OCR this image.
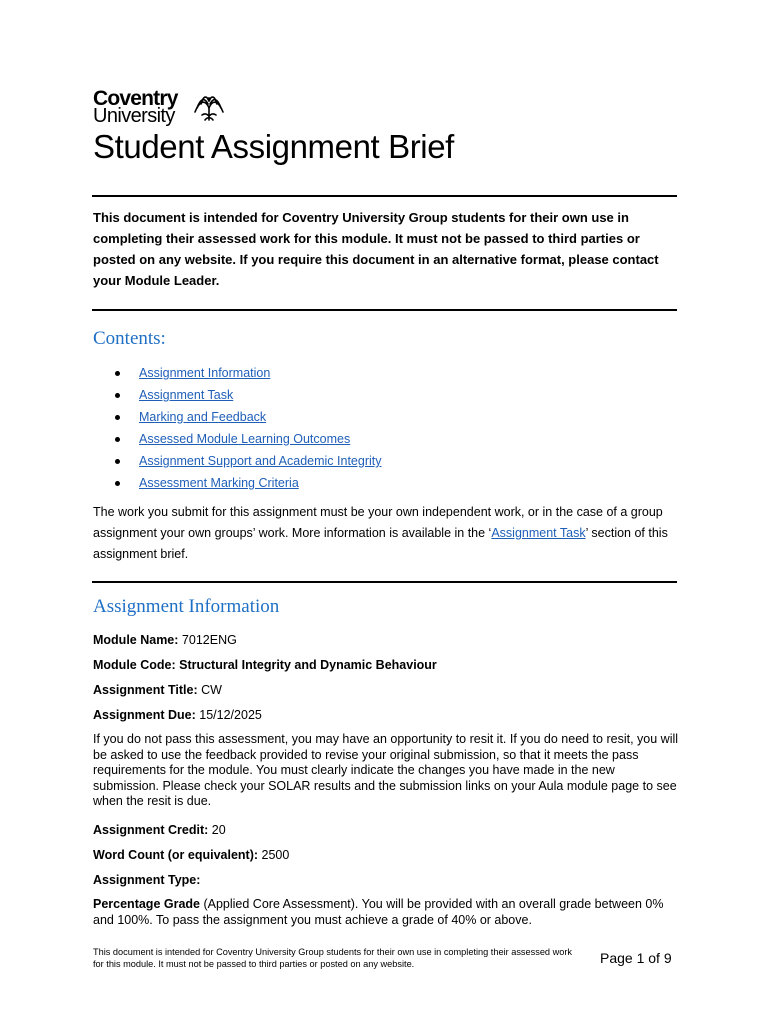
Coventry
University
Student Assignment Brief
This document is intended for Coventry University Group students for their own use in completing their assessed work for this module. It must not be passed to third parties or posted on any website. If you require this document in an alternative format, please contact your Module Leader.
Contents:
Assignment Information
Assignment Task
Marking and Feedback
Assessed Module Learning Outcomes
Assignment Support and Academic Integrity
Assessment Marking Criteria
The work you submit for this assignment must be your own independent work, or in the case of a group assignment your own groups’ work. More information is available in the ‘Assignment Task’ section of this assignment brief.
Assignment Information
Module Name: 7012ENG
Module Code: Structural Integrity and Dynamic Behaviour
Assignment Title: CW
Assignment Due: 15/12/2025
If you do not pass this assessment, you may have an opportunity to resit it. If you do need to resit, you will be asked to use the feedback provided to revise your original submission, so that it meets the pass requirements for the module. You must clearly indicate the changes you have made in the new submission. Please check your SOLAR results and the submission links on your Aula module page to see when the resit is due.
Assignment Credit: 20
Word Count (or equivalent): 2500
Assignment Type:
Percentage Grade (Applied Core Assessment). You will be provided with an overall grade between 0% and 100%. To pass the assignment you must achieve a grade of 40% or above.
This document is intended for Coventry University Group students for their own use in completing their assessed work for this module. It must not be passed to third parties or posted on any website.	Page 1 of 9
